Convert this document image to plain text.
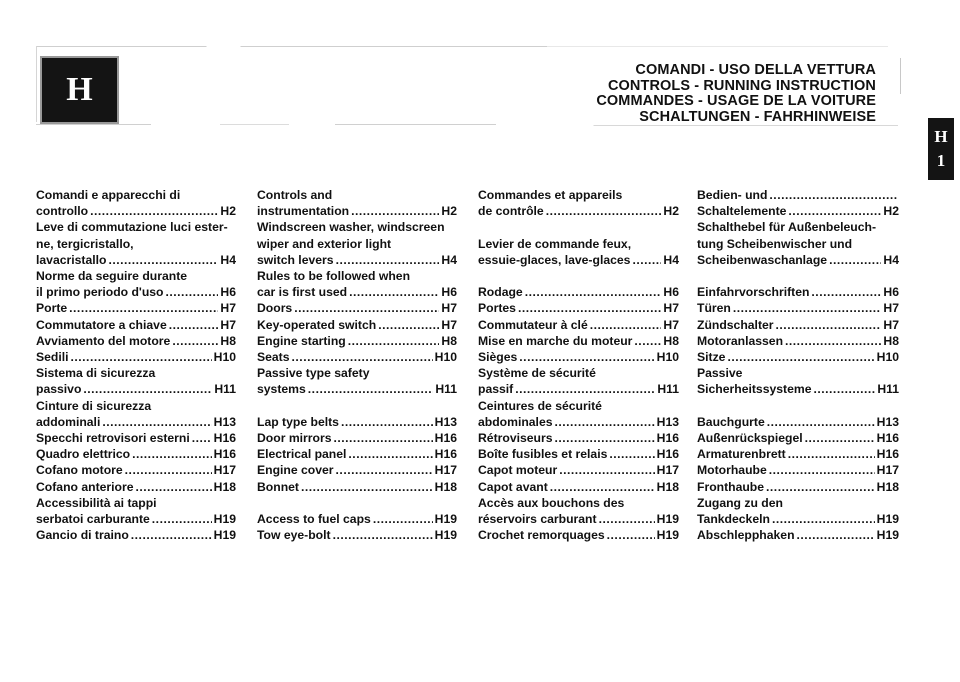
H
COMANDI - USO DELLA VETTURA
CONTROLS - RUNNING INSTRUCTION
COMMANDES - USAGE DE LA VOITURE
SCHALTUNGEN - FAHRHINWEISE
H
1
Comandi e apparecchi di
controllo .....	H2
Leve di commutazione luci ester-
ne, tergicristallo,
lavacristallo .....	H4
Norme da seguire durante
il primo periodo d'uso .....	H6
Porte .....	H7
Commutatore a chiave .....	H7
Avviamento del motore .....	H8
Sedili .....	H10
Sistema di sicurezza
passivo .....	H11
Cinture di sicurezza
addominali .....	H13
Specchi retrovisori esterni ..... H16
Quadro elettrico .....	H16
Cofano motore .....	H17
Cofano anteriore .....	H18
Accessibilità ai tappi
serbatoi carburante .....	H19
Gancio di traino .....	H19
Controls and
instrumentation .....	H2
Windscreen washer, windscreen
wiper and exterior light
switch levers .....	H4
Rules to be followed when
car is first used .....	H6
Doors .....	H7
Key-operated switch .....	H7
Engine starting .....	H8
Seats .....	H10
Passive type safety
systems .....	H11
Lap type belts .....	H13
Door mirrors .....	H16
Electrical panel .....	H16
Engine cover .....	H17
Bonnet .....	H18
Access to fuel caps .....	H19
Tow eye-bolt .....	H19
Commandes et appareils
de contrôle .....	H2
Levier de commande feux,
essuie-glaces, lave-glaces .....	H4
Rodage .....	H6
Portes .....	H7
Commutateur à clé .....	H7
Mise en marche du moteur .....	H8
Sièges .....	H10
Système de sécurité
passif .....	H11
Ceintures de sécurité
abdominales .....	H13
Rétroviseurs .....	H16
Boîte fusibles et relais .....	H16
Capot moteur .....	H17
Capot avant .....	H18
Accès aux bouchons des
réservoirs carburant .....	H19
Crochet remorquages .....	H19
Bedien- und
.....
Schaltelemente .....	H2
Schalthebel für Außenbeleuch-
tung Scheibenwischer und
Scheibenwaschanlage .....	H4
Einfahrvorschriften .....	H6
Türen .....	H7
Zündschalter .....	H7
Motoranlassen .....	H8
Sitze .....	H10
Passive
Sicherheitssysteme .....	H11
Bauchgurte .....	H13
Außenrückspiegel .....	H16
Armaturenbrett .....	H16
Motorhaube .....	H17
Fronthaube .....	H18
Zugang zu den
Tankdeckeln .....	H19
Abschlepphaken .....	H19
